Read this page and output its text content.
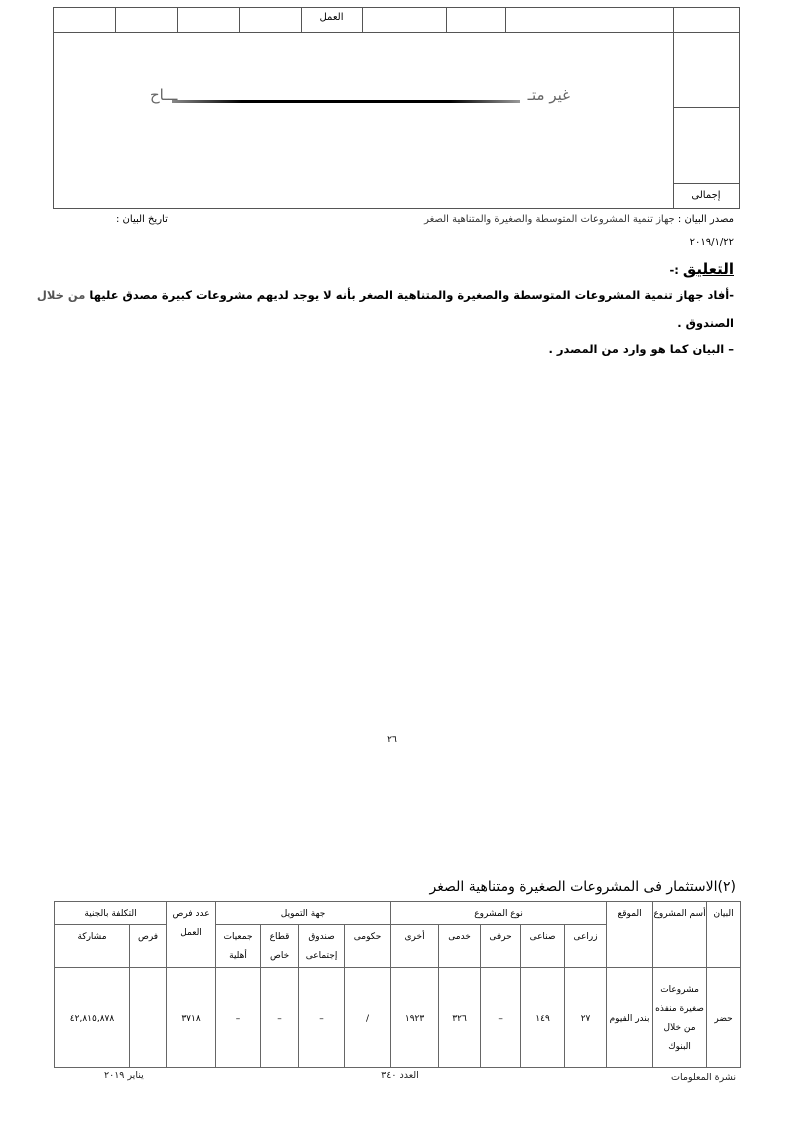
العمل
غير متـ
ـــاح
إجمالى
مصدر البيان : جهاز تنمية المشروعات المتوسطة والصغيرة والمتناهية الصغر
تاريخ البيان :
٢٠١٩/١/٢٢
التعليق :-
-أفاد جهاز تنمية المشروعات المتوسطة والصغيرة والمتناهية الصغر بأنه لا يوجد لديهم مشروعات كبيرة مصدق عليها من خلال
الصندوق .
– البيان كما هو وارد من المصدر .
٢٦
(٢)الاستثمار فى المشروعات الصغيرة ومتناهية الصغر
البيان	أسم المشروع	الموقع	نوع المشروع					جهة التمويل				عدد فرص العمل	التكلفة بالجنية	
			زراعى	صناعى	حرفى	خدمى	أخرى	حكومى	صندوق إجتماعى	قطاع خاص	جمعيات أهلية		فرص	مشاركة
حضر	مشروعات صغيرة منفذه من خلال البنوك	بندر الفيوم	٢٧	١٤٩	–	٣٢٦	١٩٢٣	/	–	–	–	٣٧١٨		٤٢,٨١٥,٨٧٨
نشرة المعلومات
العدد ٣٤٠
يناير ٢٠١٩
